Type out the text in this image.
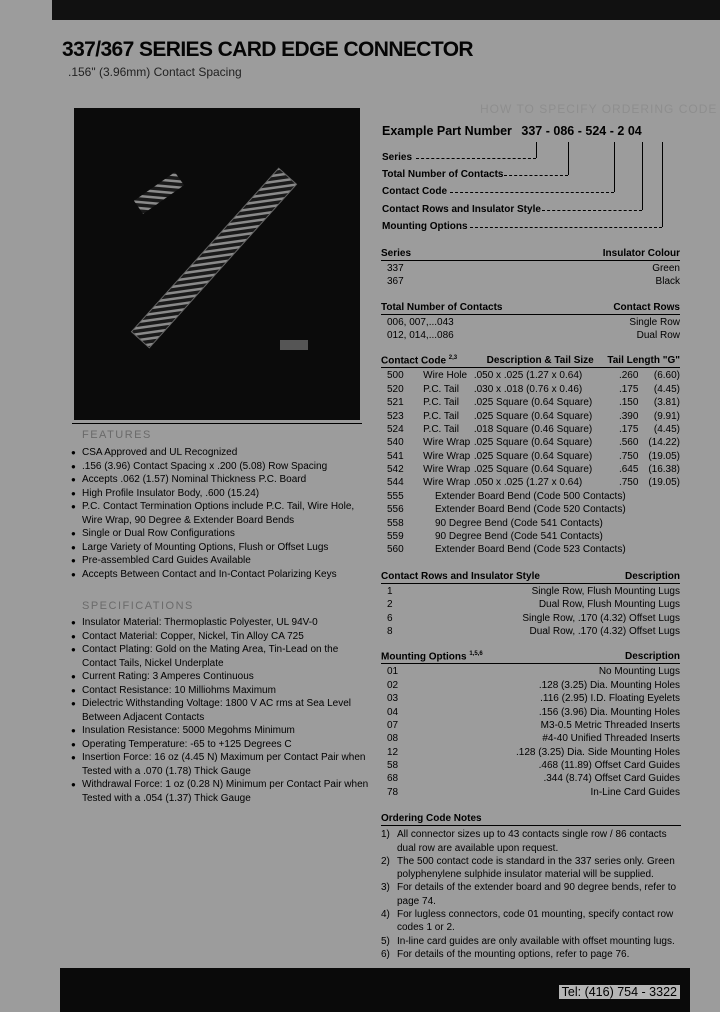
337/367 SERIES CARD EDGE CONNECTOR
.156" (3.96mm) Contact Spacing
FEATURES
● CSA Approved and UL Recognized
● .156 (3.96) Contact Spacing x .200 (5.08) Row Spacing
● Accepts .062 (1.57) Nominal Thickness P.C. Board
● High Profile Insulator Body, .600 (15.24)
● P.C. Contact Termination Options include P.C. Tail, Wire Hole, Wire Wrap, 90 Degree & Extender Board Bends
● Single or Dual Row Configurations
● Large Variety of Mounting Options, Flush or Offset Lugs
● Pre-assembled Card Guides Available
● Accepts Between Contact and In-Contact Polarizing Keys
SPECIFICATIONS
● Insulator Material: Thermoplastic Polyester, UL 94V-0
● Contact Material: Copper, Nickel, Tin Alloy CA 725
● Contact Plating: Gold on the Mating Area, Tin-Lead on the Contact Tails, Nickel Underplate
● Current Rating: 3 Amperes Continuous
● Contact Resistance: 10 Milliohms Maximum
● Dielectric Withstanding Voltage: 1800 V AC rms at Sea Level Between Adjacent Contacts
● Insulation Resistance: 5000 Megohms Minimum
● Operating Temperature: -65 to +125 Degrees C
● Insertion Force: 16 oz (4.45 N) Maximum per Contact Pair when Tested with a .070 (1.78) Thick Gauge
● Withdrawal Force: 1 oz (0.28 N) Minimum per Contact Pair when Tested with a .054 (1.37) Thick Gauge
HOW TO SPECIFY ORDERING CODE
Example Part Number 337 - 086 - 524 - 2 04
Series
Total Number of Contacts
Contact Code
Contact Rows and Insulator Style
Mounting Options
Series	Insulator Colour
337	Green
367	Black
Total Number of Contacts	Contact Rows
006, 007,...043	Single Row
012, 014,...086	Dual Row
Contact Code $^{2,3}$	Description & Tail Size	Tail Length "G"
500	Wire Hole .050 x .025 (1.27 x 0.64)	.260	(6.60)
520	P.C. Tail	.030 x .018 (0.76 x 0.46)	.175	(4.45)
521	P.C. Tail	.025 Square (0.64 Square)	.150	(3.81)
523	P.C. Tail	.025 Square (0.64 Square)	.390	(9.91)
524	P.C. Tail	.018 Square (0.46 Square)	.175	(4.45)
540	Wire Wrap .025 Square (0.64 Square)	.560 (14.22)
541	Wire Wrap .025 Square (0.64 Square)	.750 (19.05)
542	Wire Wrap .025 Square (0.64 Square)	.645 (16.38)
544	Wire Wrap .050 x .025 (1.27 x 0.64)	.750 (19.05)
555	Extender Board Bend (Code 500 Contacts)
556	Extender Board Bend (Code 520 Contacts)
558	90 Degree Bend (Code 541 Contacts)
559	90 Degree Bend (Code 541 Contacts)
560	Extender Board Bend (Code 523 Contacts)
Contact Rows and Insulator Style	Description
1	Single Row, Flush Mounting Lugs
2	Dual Row, Flush Mounting Lugs
6	Single Row, .170 (4.32) Offset Lugs
8	Dual Row, .170 (4.32) Offset Lugs
Mounting Options $^{1,5,6}$	Description
01	No Mounting Lugs
02	.128 (3.25) Dia. Mounting Holes
03	.116 (2.95) I.D. Floating Eyelets
04	.156 (3.96) Dia. Mounting Holes
07	M3-0.5 Metric Threaded Inserts
08	#4-40 Unified Threaded Inserts
12	.128 (3.25) Dia. Side Mounting Holes
58	.468 (11.89) Offset Card Guides
68	.344 (8.74) Offset Card Guides
78	In-Line Card Guides
Ordering Code Notes
1) All connector sizes up to 43 contacts single row / 86 contacts dual row are available upon request.
2) The 500 contact code is standard in the 337 series only. Green polyphenylene sulphide insulator material will be supplied.
3) For details of the extender board and 90 degree bends, refer to page 74.
4) For lugless connectors, code 01 mounting, specify contact row codes 1 or 2.
5) In-line card guides are only available with offset mounting lugs.
6) For details of the mounting options, refer to page 76.
Tel: (416) 754 - 3322
